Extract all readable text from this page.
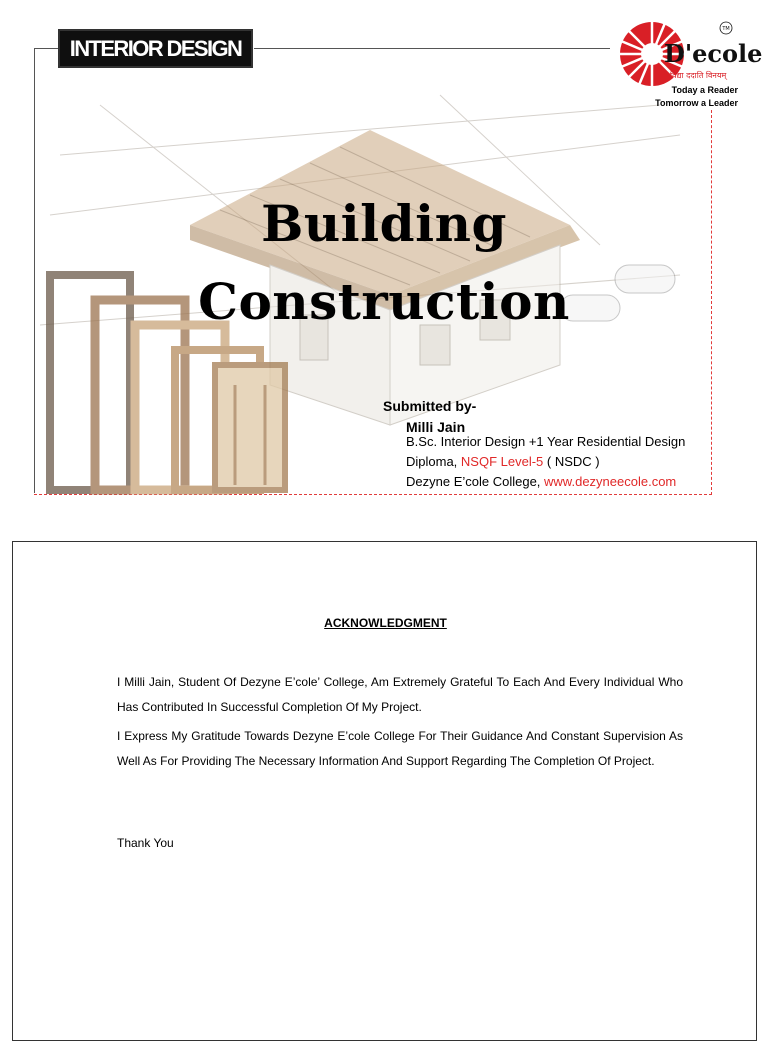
INTERIOR DESIGN	D'ecole
विद्या ददाति विनयम्
TM
Today a Reader
Tomorrow a Leader
Building
Construction
Submitted by-
Milli Jain
B.Sc. Interior Design +1 Year Residential Design
Diploma, NSQF Level-5 ( NSDC )
Dezyne E’cole College, www.dezyneecole.com
ACKNOWLEDGMENT

I Milli Jain, Student Of Dezyne E’cole’ College, Am Extremely Grateful To Each And Every Individual Who Has Contributed In Successful Completion Of My Project.

I Express My Gratitude Towards Dezyne E’cole College For Their Guidance And Constant Supervision As Well As For Providing The Necessary Information And Support Regarding The Completion Of Project.

Thank You
